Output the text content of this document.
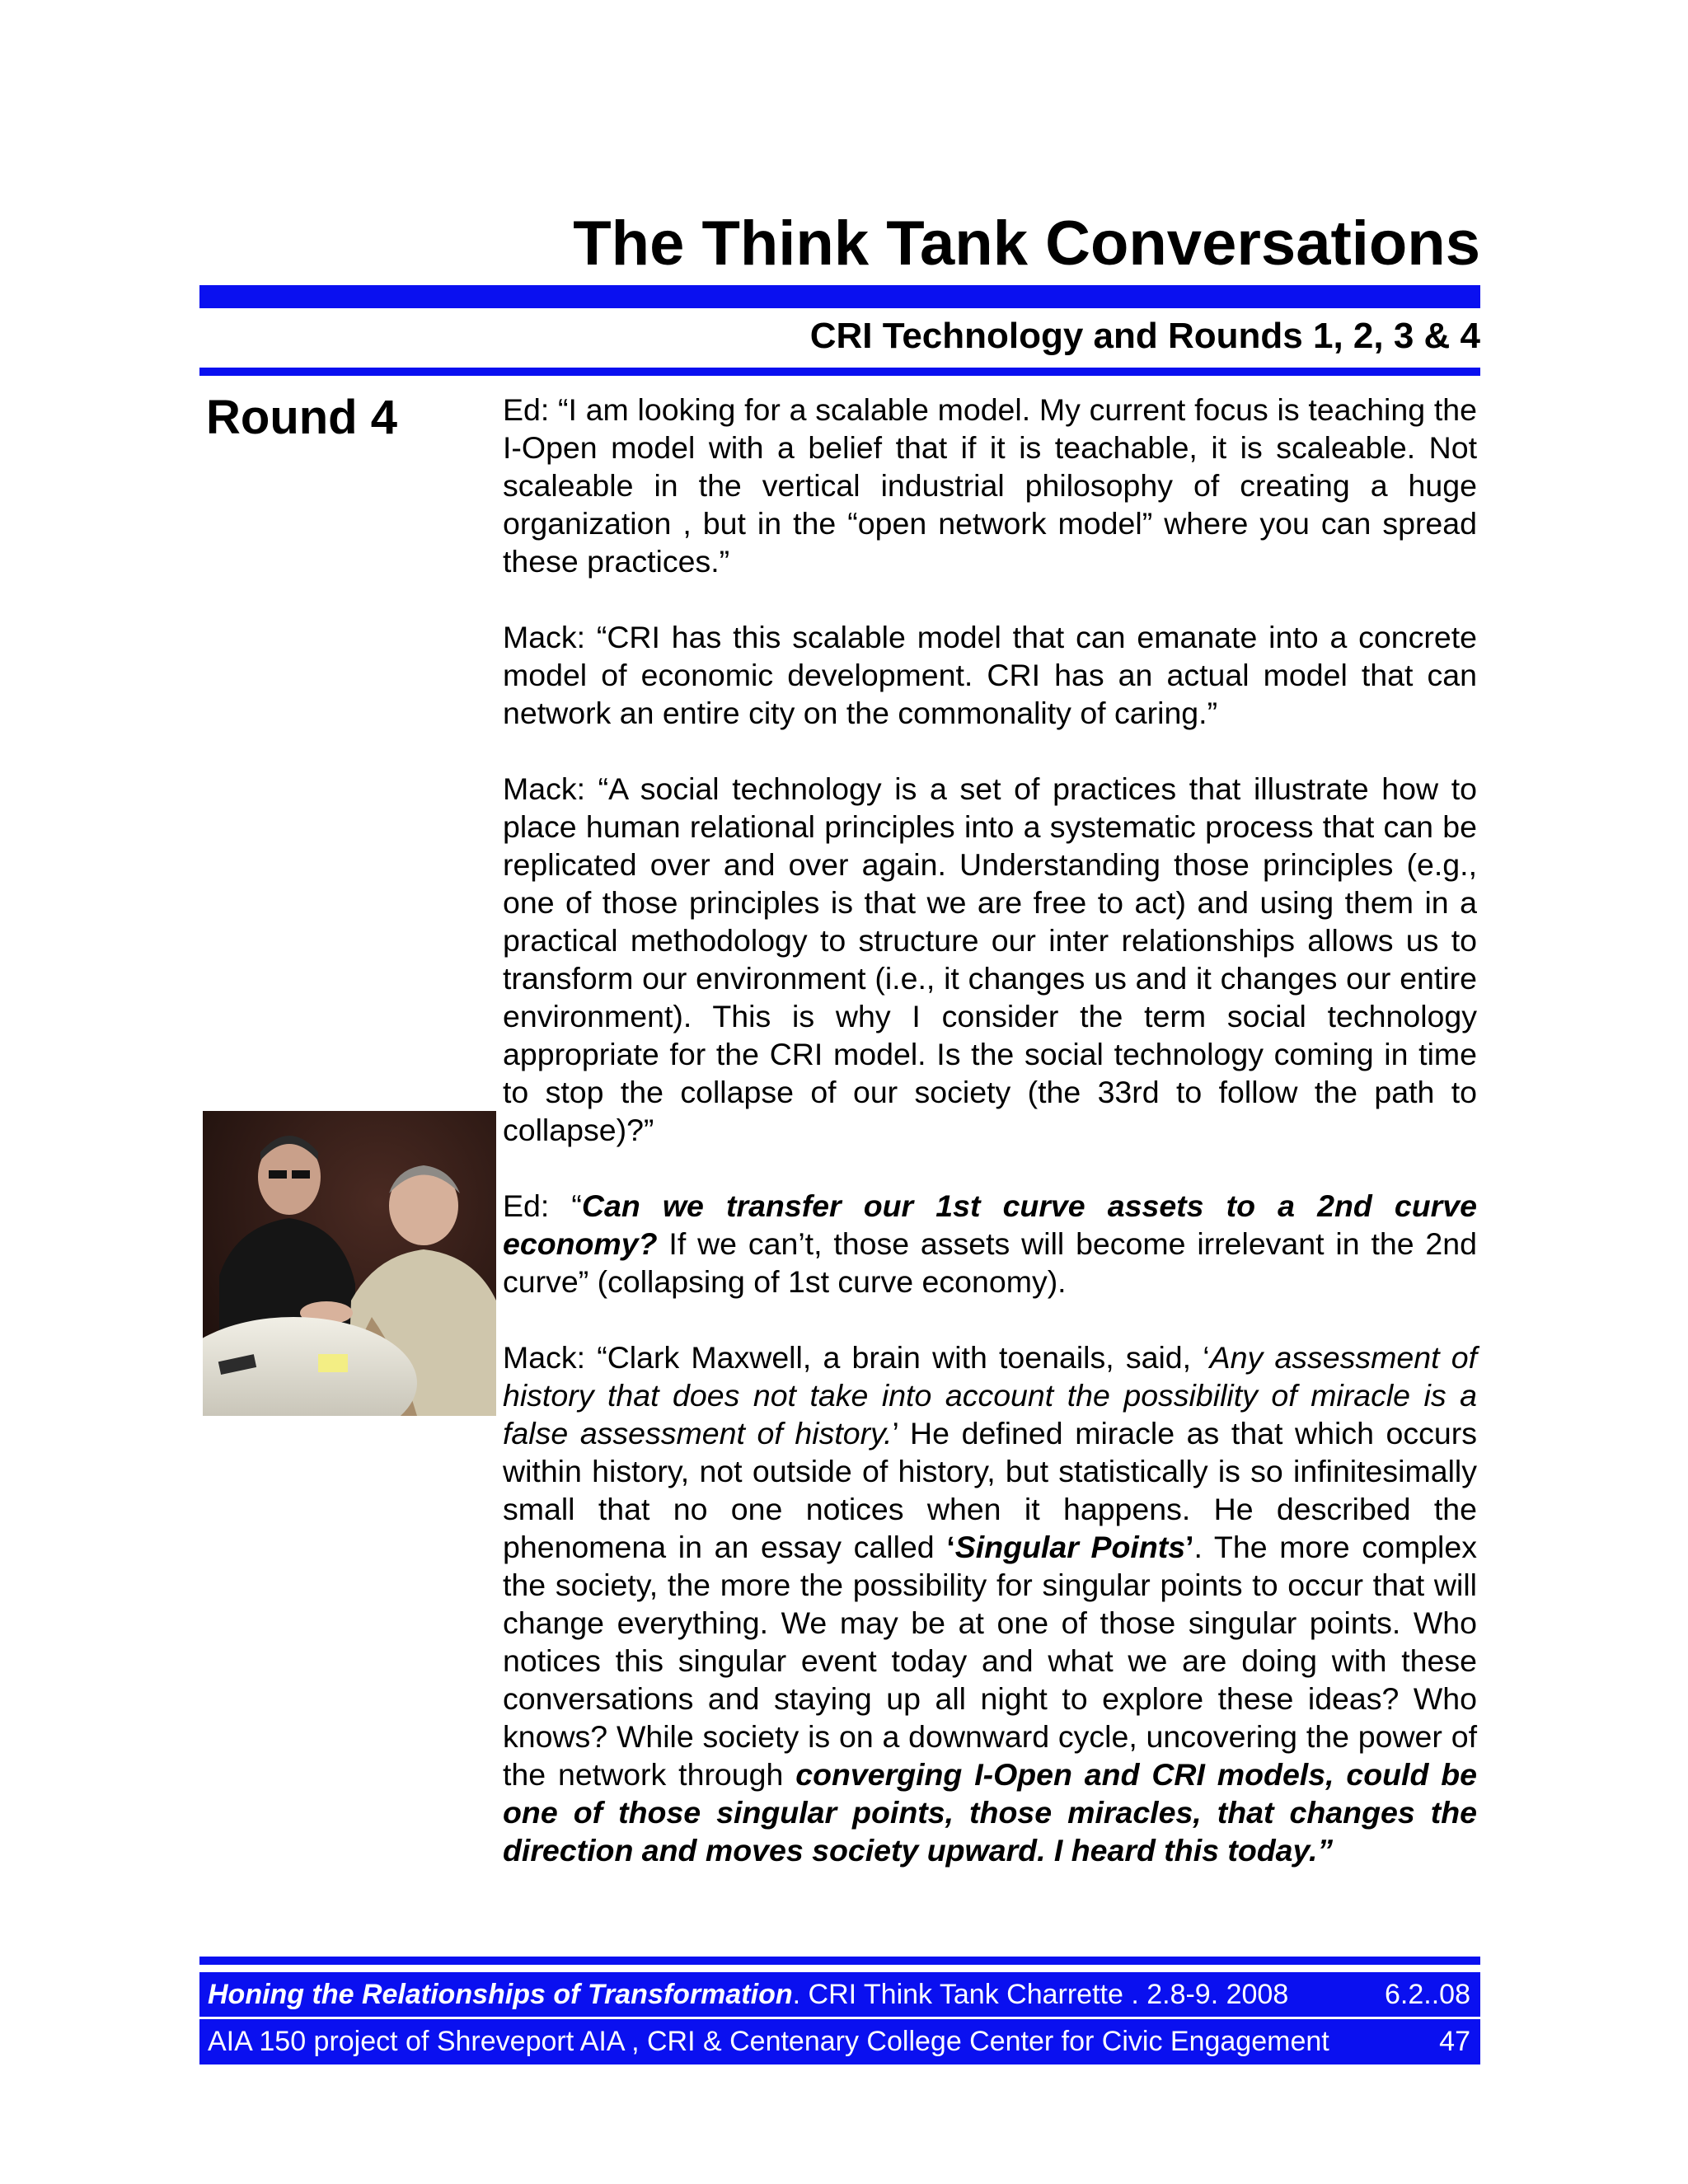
The Think Tank Conversations
CRI Technology and Rounds 1, 2, 3 & 4
Round 4	Ed: “I am looking for a scalable model. My current focus is teaching the I-Open model with a belief that if it is teachable, it is scaleable. Not scaleable in the vertical industrial philosophy of creating a huge organization , but in the “open network model” where you can spread these practices.”

Mack: “CRI has this scalable model that can emanate into a concrete model of economic development. CRI has an actual model that can network an entire city on the commonality of caring.”

Mack: “A social technology is a set of practices that illustrate how to place human relational principles into a systematic process that can be replicated over and over again. Understanding those principles (e.g., one of those principles is that we are free to act) and using them in a practical methodology to structure our inter relationships allows us to transform our environment (i.e., it changes us and it changes our entire environment). This is why I consider the term social technology appropriate for the CRI model. Is the social technology coming in time to stop the collapse of our society (the 33rd to follow the path to collapse)?”

Ed: “Can we transfer our 1st curve assets to a 2nd curve economy? If we can’t, those assets will become irrelevant in the 2nd curve” (collapsing of 1st curve economy).

Mack: “Clark Maxwell, a brain with toenails, said, ‘Any assessment of history that does not take into account the possibility of miracle is a false assessment of history.’ He defined miracle as that which occurs within history, not outside of history, but statistically is so infinitesimally small that no one notices when it happens. He described the phenomena in an essay called ‘Singular Points’. The more complex the society, the more the possibility for singular points to occur that will change everything. We may be at one of those singular points. Who notices this singular event today and what we are doing with these conversations and staying up all night to explore these ideas? Who knows? While society is on a downward cycle, uncovering the power of the network through converging I-Open and CRI models, could be one of those singular points, those miracles, that changes the direction and moves society upward. I heard this today.”

Honing the Relationships of Transformation. CRI Think Tank Charrette . 2.8-9. 2008	6.2..08
AIA 150 project of Shreveport AIA , CRI & Centenary College Center for Civic Engagement	47
